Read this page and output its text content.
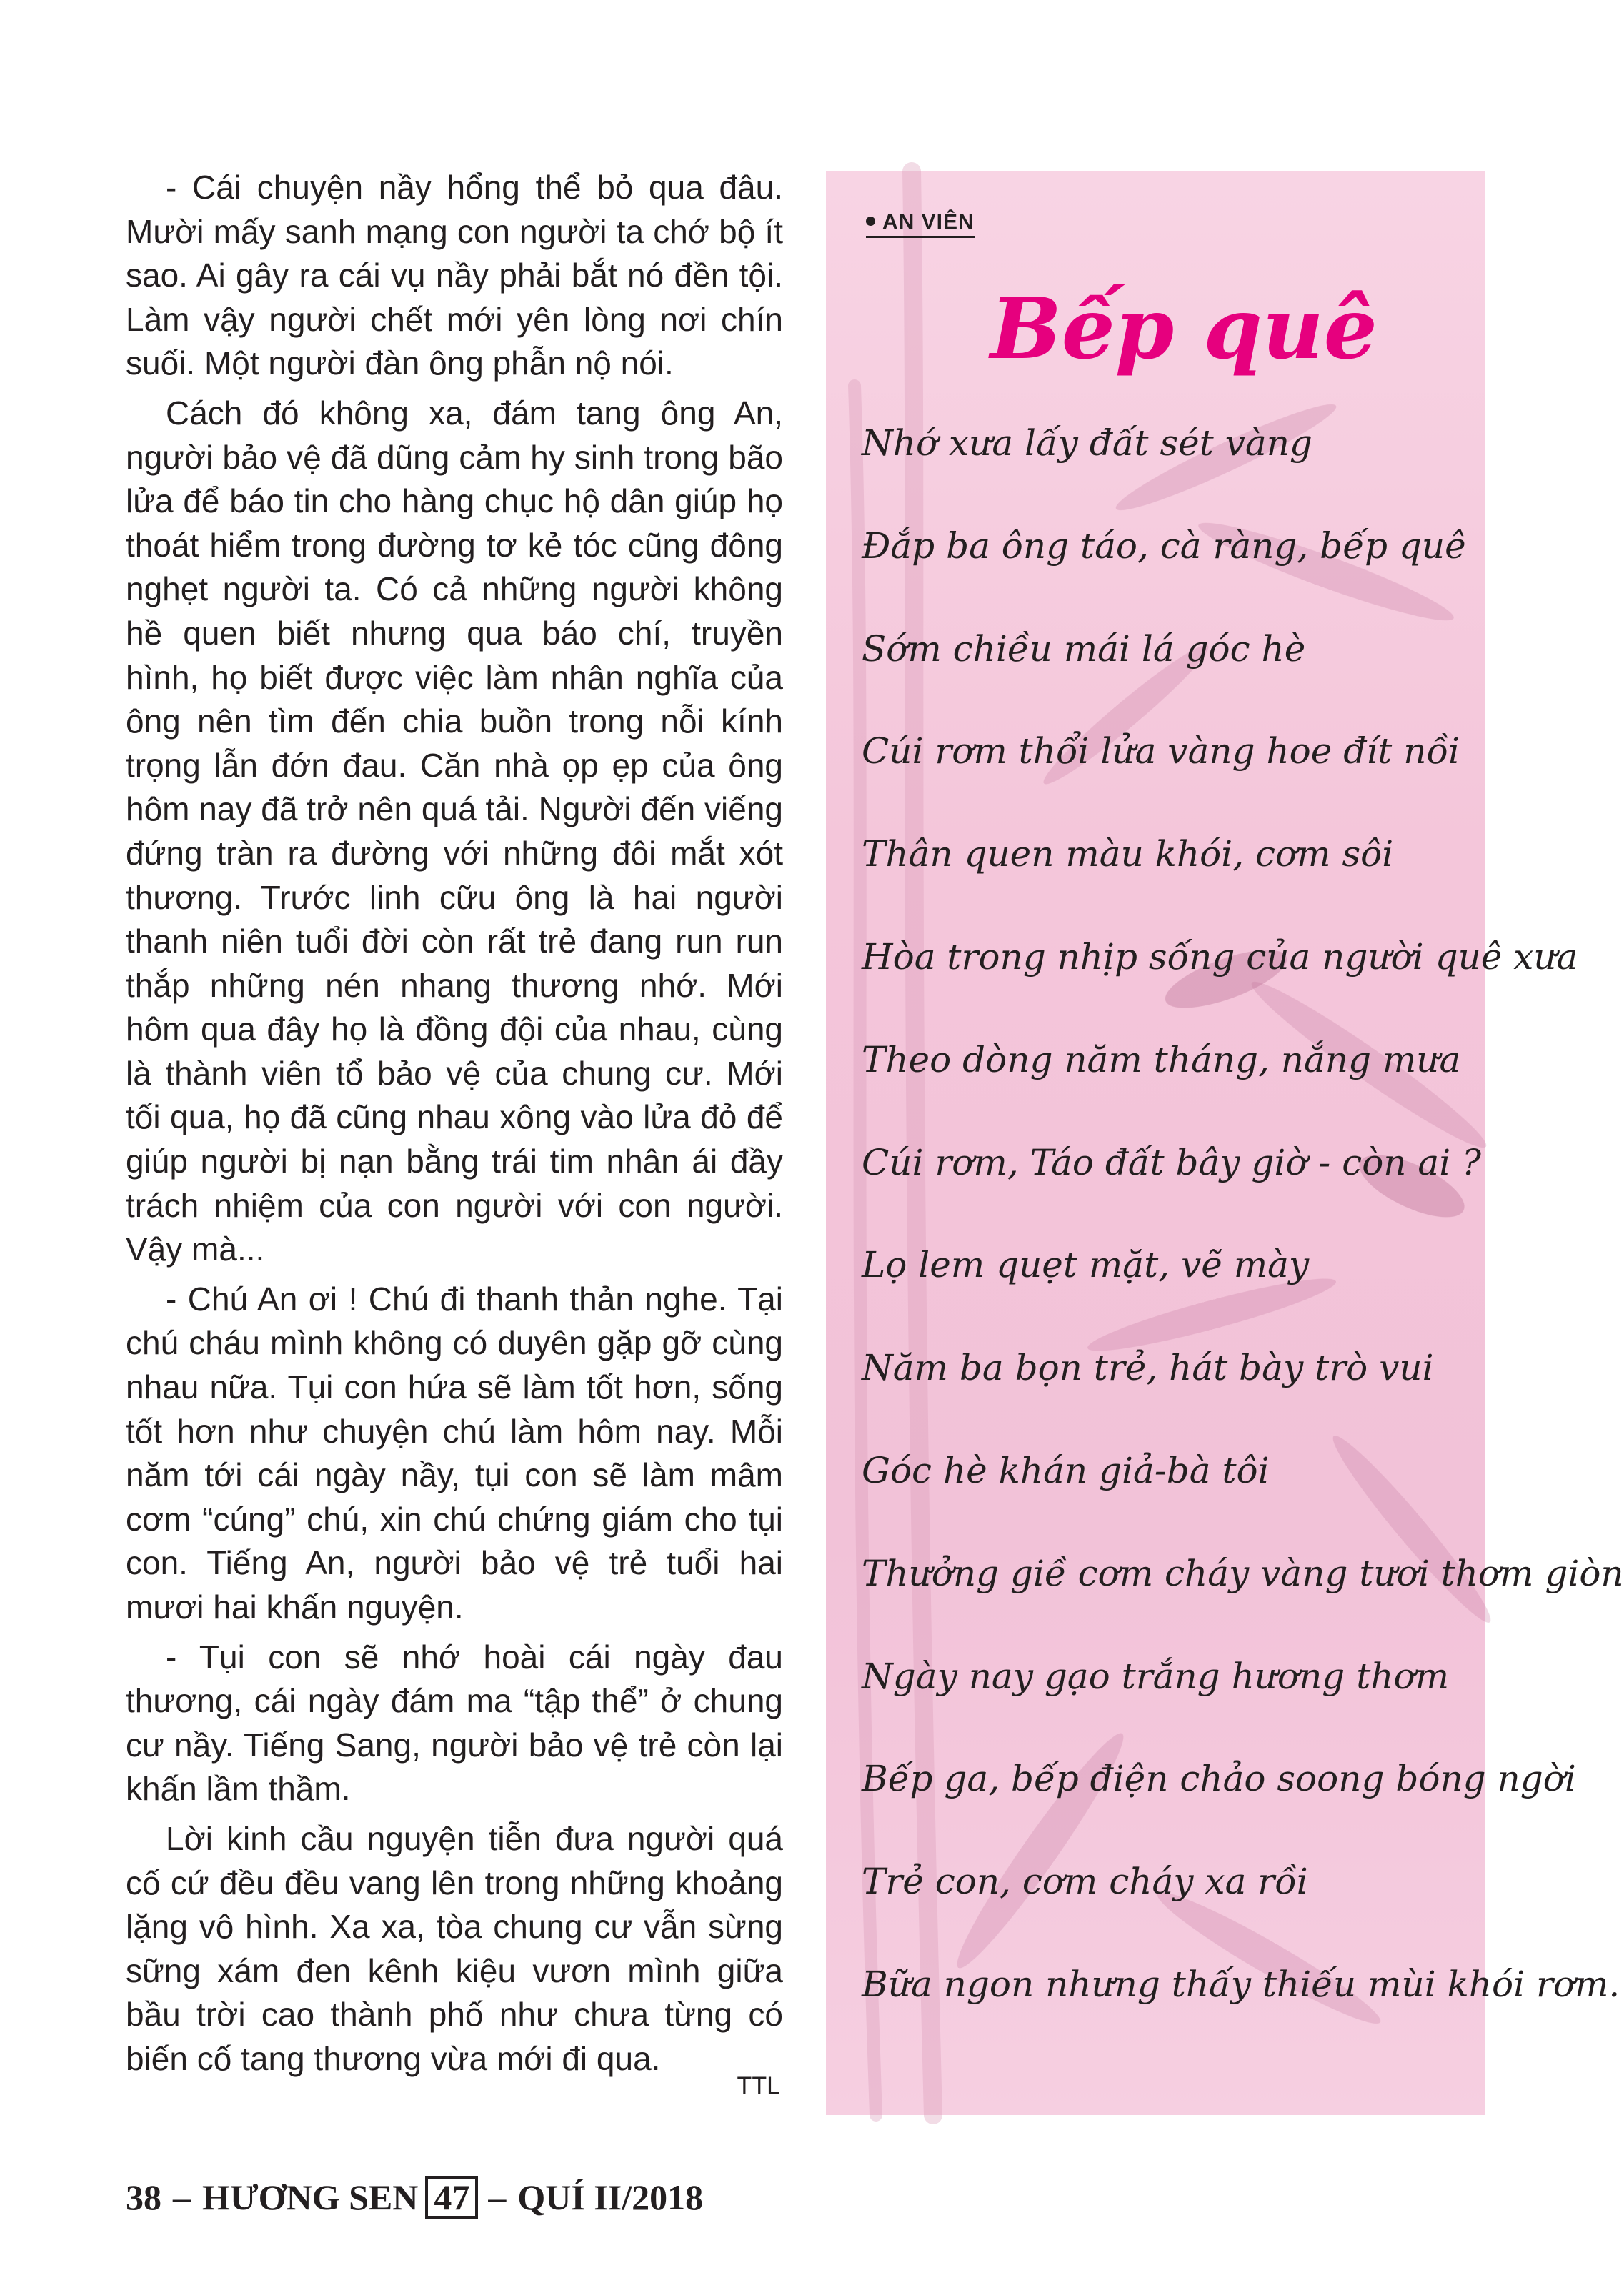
- Cái chuyện nầy hổng thể bỏ qua đâu. Mười mấy sanh mạng con người ta chớ bộ ít sao. Ai gây ra cái vụ nầy phải bắt nó đền tội. Làm vậy người chết mới yên lòng nơi chín suối. Một người đàn ông phẫn nộ nói.

Cách đó không xa, đám tang ông An, người bảo vệ đã dũng cảm hy sinh trong bão lửa để báo tin cho hàng chục hộ dân giúp họ thoát hiểm trong đường tơ kẻ tóc cũng đông nghẹt người ta. Có cả những người không hề quen biết nhưng qua báo chí, truyền hình, họ biết được việc làm nhân nghĩa của ông nên tìm đến chia buồn trong nỗi kính trọng lẫn đớn đau. Căn nhà ọp ẹp của ông hôm nay đã trở nên quá tải. Người đến viếng đứng tràn ra đường với những đôi mắt xót thương. Trước linh cữu ông là hai người thanh niên tuổi đời còn rất trẻ đang run run thắp những nén nhang thương nhớ. Mới hôm qua đây họ là đồng đội của nhau, cùng là thành viên tổ bảo vệ của chung cư. Mới tối qua, họ đã cũng nhau xông vào lửa đỏ để giúp người bị nạn bằng trái tim nhân ái đầy trách nhiệm của con người với con người. Vậy mà...

- Chú An ơi ! Chú đi thanh thản nghe. Tại chú cháu mình không có duyên gặp gỡ cùng nhau nữa. Tụi con hứa sẽ làm tốt hơn, sống tốt hơn như chuyện chú làm hôm nay. Mỗi năm tới cái ngày nầy, tụi con sẽ làm mâm cơm “cúng” chú, xin chú chứng giám cho tụi con. Tiếng An, người bảo vệ trẻ tuổi hai mươi hai khấn nguyện.

- Tụi con sẽ nhớ hoài cái ngày đau thương, cái ngày đám ma “tập thể” ở chung cư nầy. Tiếng Sang, người bảo vệ trẻ còn lại khấn lầm thầm.

Lời kinh cầu nguyện tiễn đưa người quá cố cứ đều đều vang lên trong những khoảng lặng vô hình. Xa xa, tòa chung cư vẫn sừng sững xám đen kênh kiệu vươn mình giữa bầu trời cao thành phố như chưa từng có biến cố tang thương vừa mới đi qua.

TTL
AN VIÊN
Bếp quê
Nhớ xưa lấy đất sét vàng
Đắp ba ông táo, cà ràng, bếp quê
Sớm chiều mái lá góc hè
Cúi rơm thổi lửa vàng hoe đít nồi
Thân quen màu khói, cơm sôi
Hòa trong nhịp sống của người quê xưa
Theo dòng năm tháng, nắng mưa
Cúi rơm, Táo đất bây giờ - còn ai ?
Lọ lem quẹt mặt, vẽ mày
Năm ba bọn trẻ, hát bày trò vui
Góc hè khán giả-bà tôi
Thưởng giề cơm cháy vàng tươi thơm giòn
Ngày nay gạo trắng hương thơm
Bếp ga, bếp điện chảo soong bóng ngời
Trẻ con, cơm cháy xa rồi
Bữa ngon nhưng thấy thiếu mùi khói rơm.
38 – HƯƠNG SEN 47 – QUÍ II/2018
